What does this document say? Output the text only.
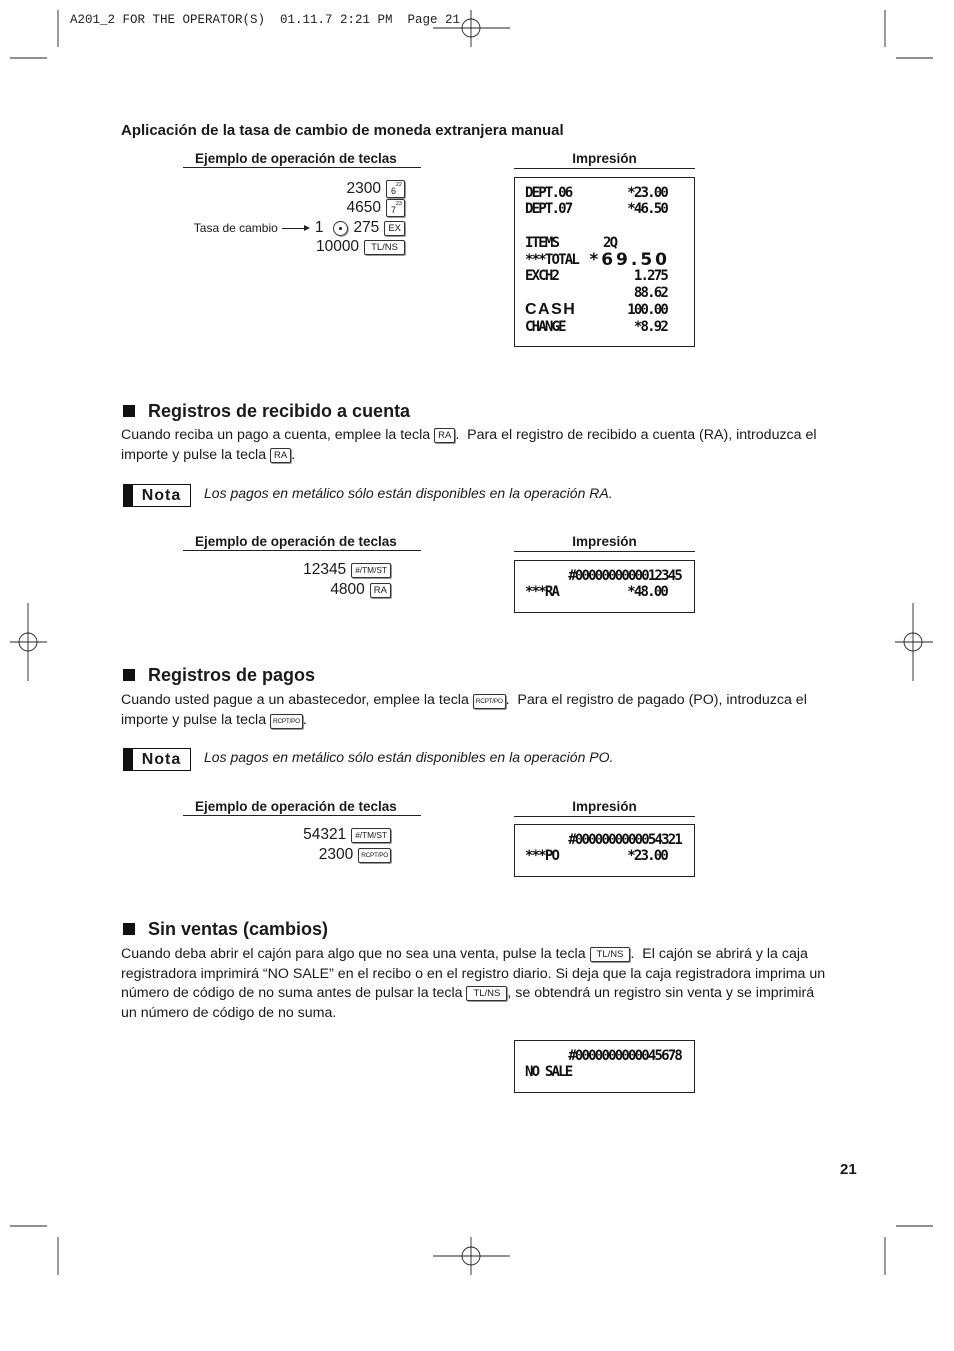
A201_2 FOR THE OPERATOR(S)  01.11.7 2:21 PM  Page 21
Aplicación de la tasa de cambio de moneda extranjera manual
Ejemplo de operación de teclas	Impresión
2300	22
6
4650	23
7
Tasa de cambio 1 275 EX
10000	TL/NS
DEPT.06	*23.00
DEPT.07	*46.50
ITEMS	2Q
***TOTAL *69.50
EXCH2	1.275
88.62
CASH	100.00
CHANGE	*8.92
Registros de recibido a cuenta
Cuando reciba un pago a cuenta, emplee la tecla RA .  Para el registro de recibido a cuenta (RA), introduzca el
importe y pulse la tecla RA .
Nota	Los pagos en metálico sólo están disponibles en la operación RA.
Ejemplo de operación de teclas	Impresión
12345	#/TM/ST
4800 RA
#0000000000012345
***RA	*48.00
Registros de pagos
Cuando usted pague a un abastecedor, emplee la tecla RCPT/PO .  Para el registro de pagado (PO), introduzca el
importe y pulse la tecla RCPT/PO .
Nota	Los pagos en metálico sólo están disponibles en la operación PO.
Ejemplo de operación de teclas	Impresión
54321	#/TM/ST
2300	RCPT/PO
#0000000000054321
***PO	*23.00
Sin ventas (cambios)
Cuando deba abrir el cajón para algo que no sea una venta, pulse la tecla TL/NS .  El cajón se abrirá y la caja
registradora imprimirá “NO SALE” en el recibo o en el registro diario. Si deja que la caja registradora imprima un
número de código de no suma antes de pulsar la tecla TL/NS , se obtendrá un registro sin venta y se imprimirá
un número de código de no suma.
#0000000000045678
NO SALE
21
